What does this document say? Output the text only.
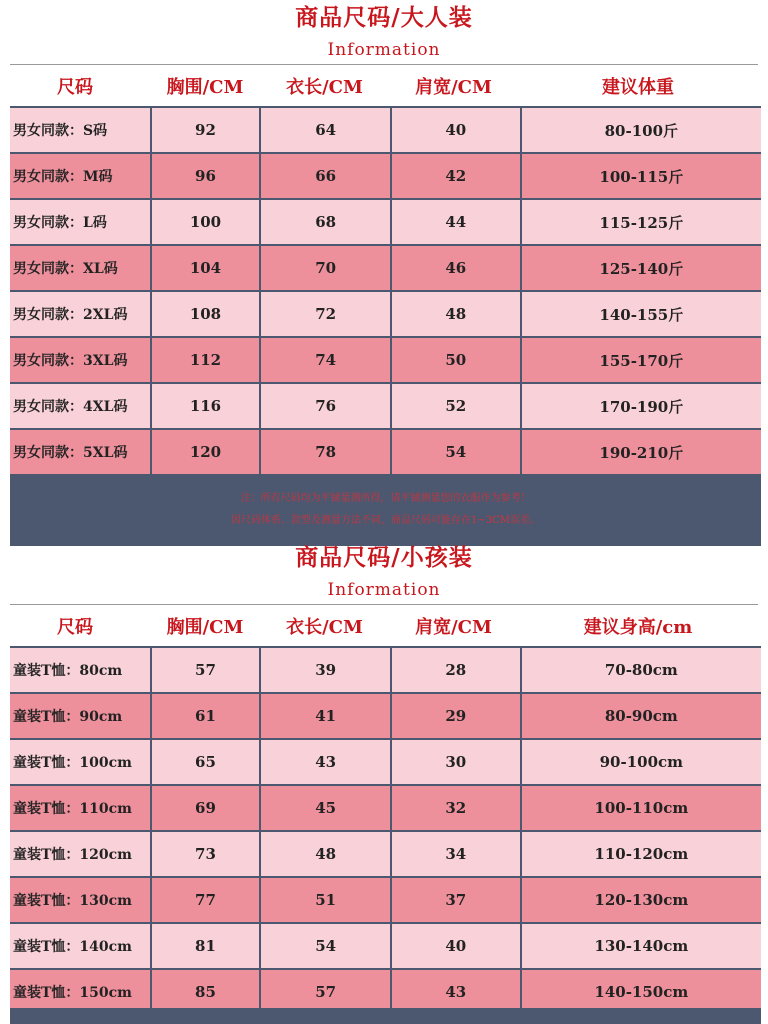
商品尺码/大人装
Information
尺码	胸围/CM	衣长/CM	肩宽/CM	建议体重
男女同款：S码	92	64	40	80-100斤
男女同款：M码	96	66	42	100-115斤
男女同款：L码	100	68	44	115-125斤
男女同款：XL码	104	70	46	125-140斤
男女同款：2XL码	108	72	48	140-155斤
男女同款：3XL码	112	74	50	155-170斤
男女同款：4XL码	116	76	52	170-190斤
男女同款：5XL码	120	78	54	190-210斤

注：所有尺码均为平铺量测所得，请平铺测量您的衣服作为参考！

因尺码体系、款型及测量方法不同，商品尺码可能存在1~3CM误差。

商品尺码/小孩装
Information
尺码	胸围/CM	衣长/CM	肩宽/CM	建议身高/cm
童装T恤：80cm	57	39	28	70-80cm
童装T恤：90cm	61	41	29	80-90cm
童装T恤：100cm	65	43	30	90-100cm
童装T恤：110cm	69	45	32	100-110cm
童装T恤：120cm	73	48	34	110-120cm
童装T恤：130cm	77	51	37	120-130cm
童装T恤：140cm	81	54	40	130-140cm
童装T恤：150cm	85	57	43	140-150cm
